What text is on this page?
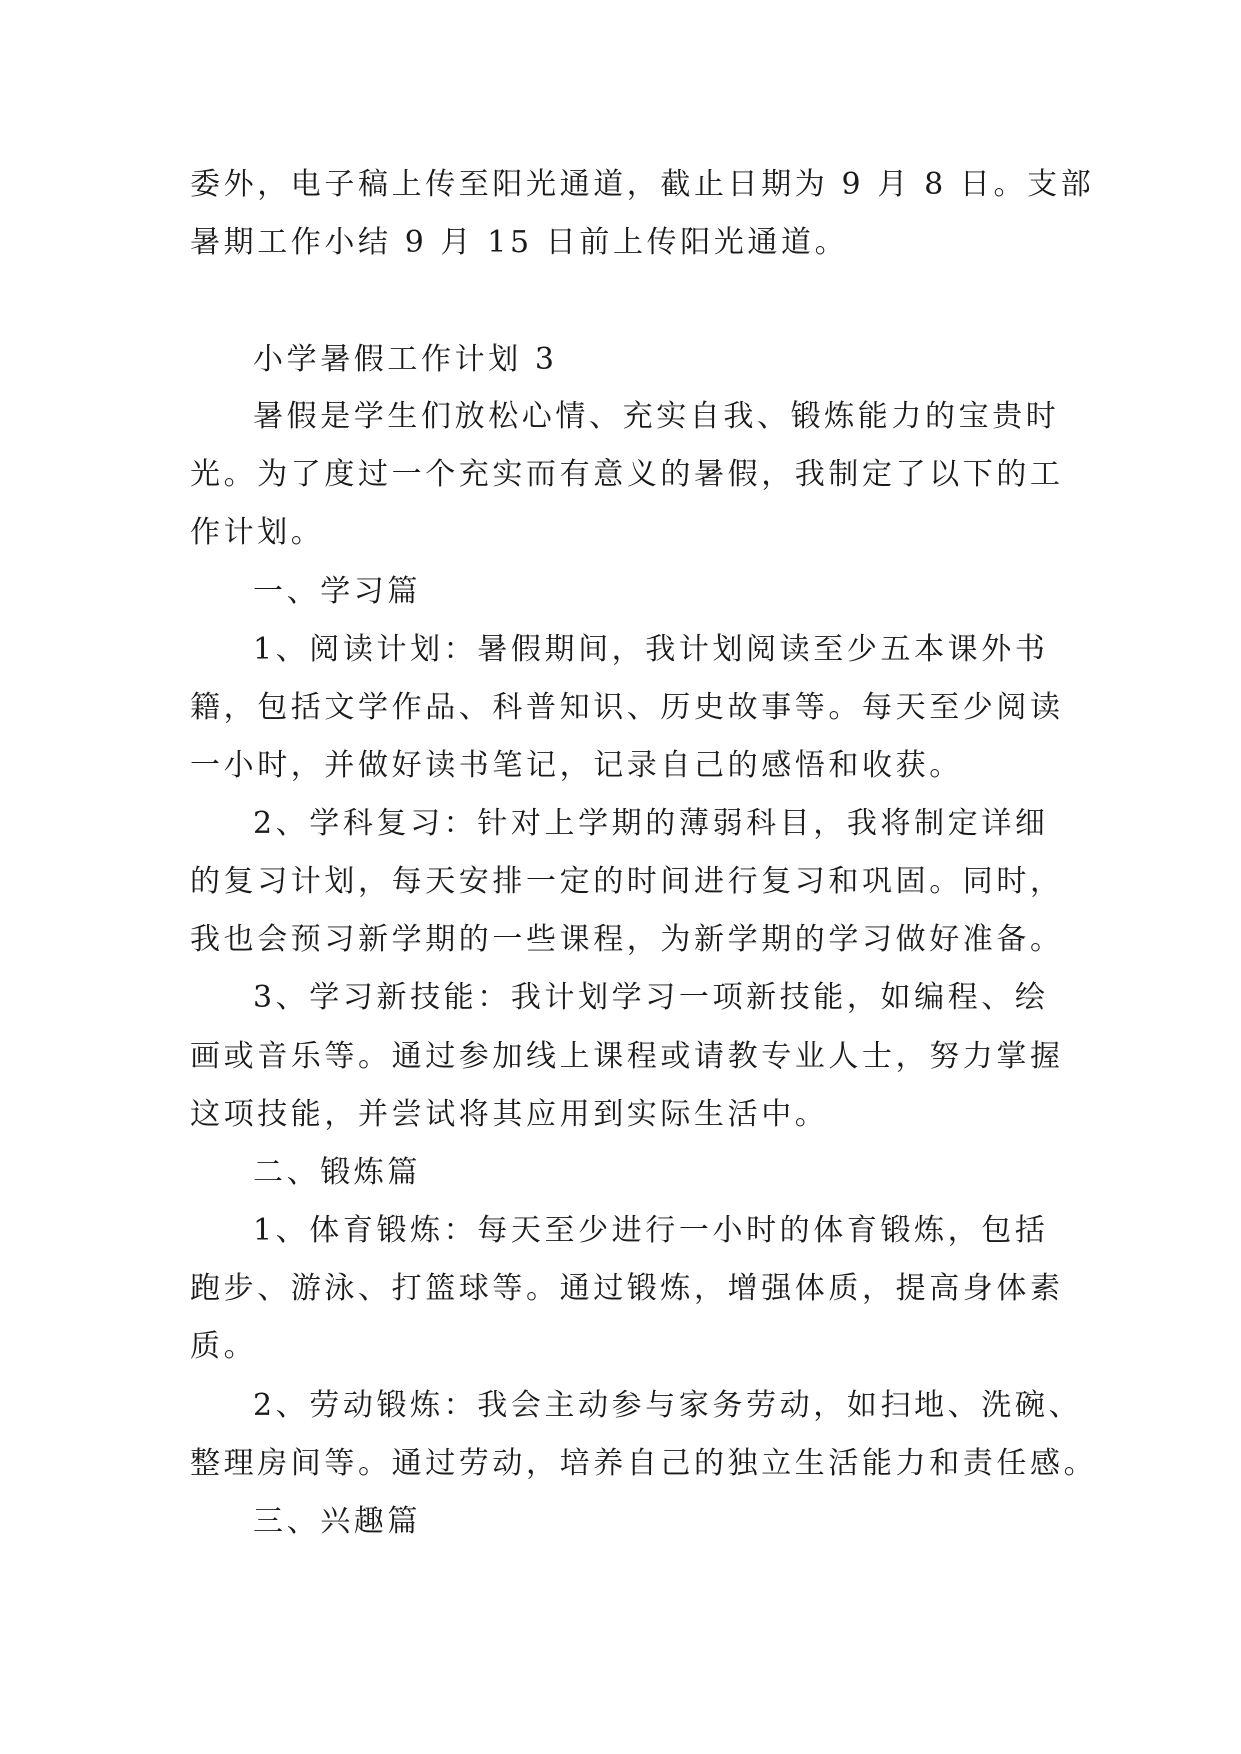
委外，电子稿上传至阳光通道，截止日期为 9 月 8 日。支部
暑期工作小结 9 月 15 日前上传阳光通道。
小学暑假工作计划 3
暑假是学生们放松心情、充实自我、锻炼能力的宝贵时
光。为了度过一个充实而有意义的暑假，我制定了以下的工
作计划。
一、学习篇
1、阅读计划：暑假期间，我计划阅读至少五本课外书
籍，包括文学作品、科普知识、历史故事等。每天至少阅读
一小时，并做好读书笔记，记录自己的感悟和收获。
2、学科复习：针对上学期的薄弱科目，我将制定详细
的复习计划，每天安排一定的时间进行复习和巩固。同时，
我也会预习新学期的一些课程，为新学期的学习做好准备。
3、学习新技能：我计划学习一项新技能，如编程、绘
画或音乐等。通过参加线上课程或请教专业人士，努力掌握
这项技能，并尝试将其应用到实际生活中。
二、锻炼篇
1、体育锻炼：每天至少进行一小时的体育锻炼，包括
跑步、游泳、打篮球等。通过锻炼，增强体质，提高身体素
质。
2、劳动锻炼：我会主动参与家务劳动，如扫地、洗碗、
整理房间等。通过劳动，培养自己的独立生活能力和责任感。
三、兴趣篇
